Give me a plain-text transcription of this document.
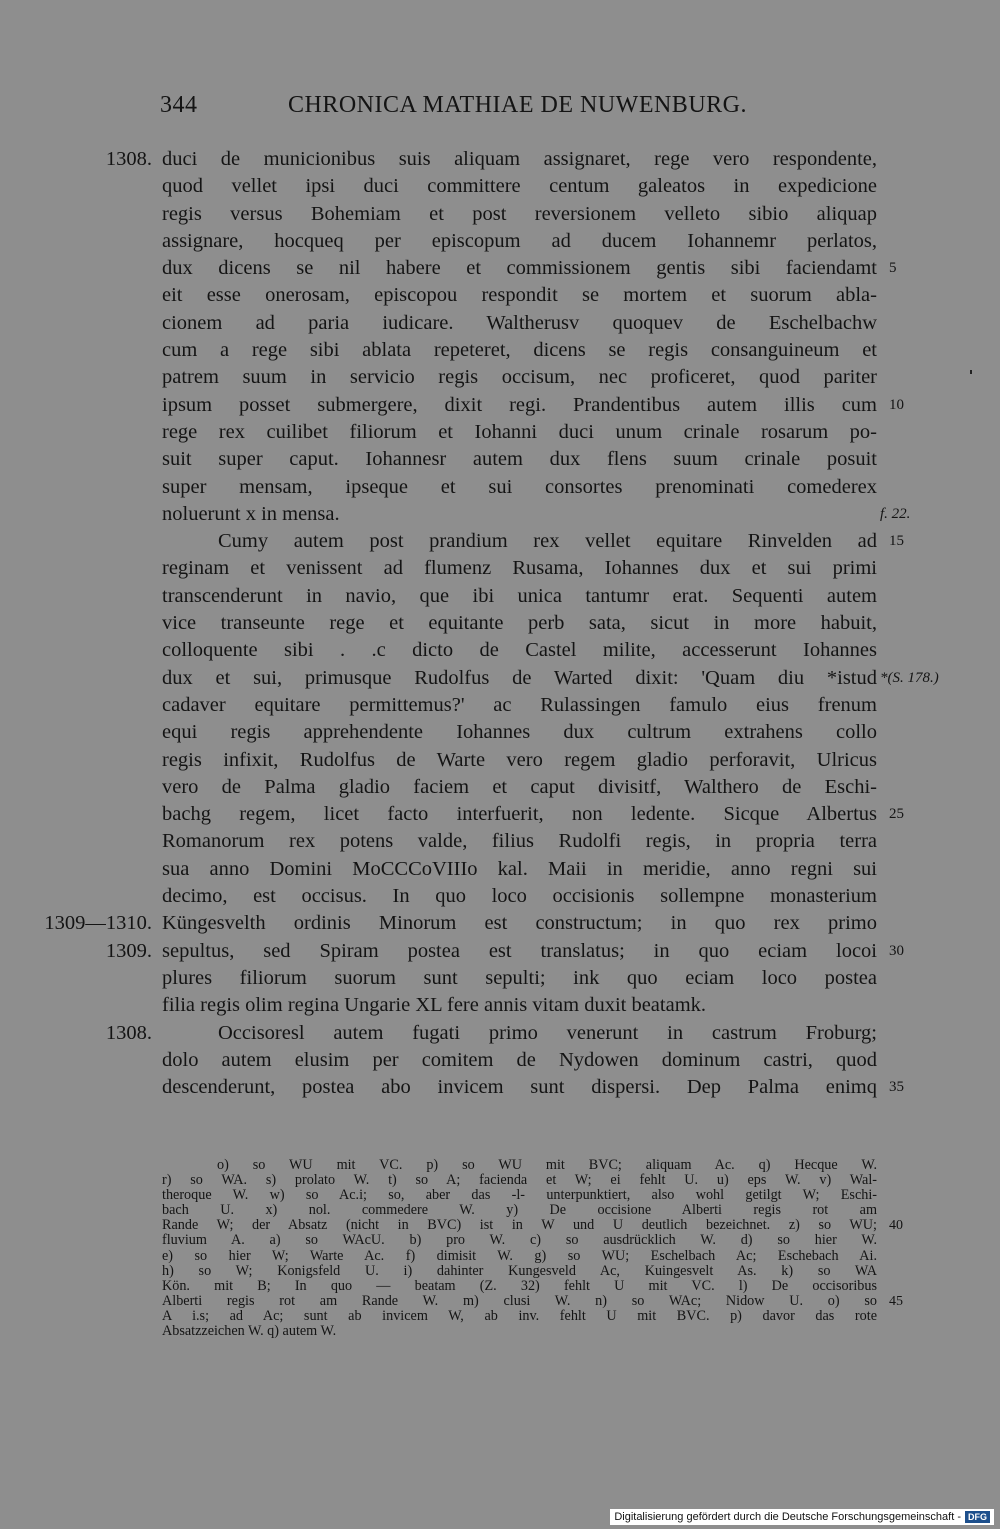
344	CHRONICA MATHIAE DE NUWENBURG.
duci de municionibus suis aliquam assignaret, rege vero respondente,
1308.
quod vellet ipsi duci committere centum galeatos in expedicione
regis versus Bohemiam et post reversionem velleto sibio aliquap
assignare, hocqueq per episcopum ad ducem Iohannemr perlatos,
dux dicens se nil habere et commissionem gentis sibi faciendamt 5
eit esse onerosam, episcopou respondit se mortem et suorum abla-
cionem ad paria iudicare. Waltherusv quoquev de Eschelbachw
cum a rege sibi ablata repeteret, dicens se regis consanguineum et
patrem suum in servicio regis occisum, nec proficeret, quod pariter
ipsum posset submergere, dixit regi. Prandentibus autem illis cum 10
rege rex cuilibet filiorum et Iohanni duci unum crinale rosarum po-
suit super caput. Iohannesr autem dux flens suum crinale posuit
super mensam, ipseque et sui consortes prenominati comederex
noluerunt x in mensa.	f. 22.
Cumy autem post prandium rex vellet equitare Rinvelden ad 15
reginam et venissent ad flumenz Rusama, Iohannes dux et sui primi
transcenderunt in navio, que ibi unica tantumr erat. Sequenti autem
vice transeunte rege et equitante perb sata, sicut in more habuit,
colloquente sibi . .c dicto de Castel milite, accesserunt Iohannes
dux et sui, primusque Rudolfus de Warted dixit: 'Quam diu *istud *(S. 178.)
cadaver equitare permittemus?' ac Rulassingen famulo eius frenum
equi regis apprehendente Iohannes dux cultrum extrahens collo
regis infixit, Rudolfus de Warte vero regem gladio perforavit, Ulricus
vero de Palma gladio faciem et caput divisitf, Walthero de Eschi-
bachg regem, licet facto interfuerit, non ledente. Sicque Albertus 25
Romanorum rex potens valde, filius Rudolfi regis, in propria terra
sua anno Domini MoCCCoVIIIo kal. Maii in meridie, anno regni sui
decimo, est occisus. In quo loco occisionis sollempne monasterium
Küngesvelth ordinis Minorum est constructum; in quo rex primo
1309—1310.
sepultus, sed Spiram postea est translatus; in quo eciam locoi
1309.	30
plures filiorum suorum sunt sepulti; ink quo eciam loco postea
filia regis olim regina Ungarie XL fere annis vitam duxit beatamk.
Occisoresl autem fugati primo venerunt in castrum Froburg;
1308.
dolo autem elusim per comitem de Nydowen dominum castri, quod
descenderunt, postea abo invicem sunt dispersi. Dep Palma enimq 35
o) so WU mit VC. p) so WU mit BVC; aliquam Ac. q) Hecque W.
r) so WA. s) prolato W. t) so A; facienda et W; ei fehlt U. u) eps W. v) Wal-
theroque W. w) so Ac.i; so, aber das -l- unterpunktiert, also wohl getilgt W; Eschi-
bach U. x) nol. commedere W. y) De occisione Alberti regis rot am
Rande W; der Absatz (nicht in BVC) ist in W und U deutlich bezeichnet. z) so WU; 40
fluvium A. a) so WAcU. b) pro W. c) so ausdrücklich W. d) so hier W.
e) so hier W; Warte Ac. f) dimisit W. g) so WU; Eschelbach Ac; Eschebach Ai.
h) so W; Konigsfeld U. i) dahinter Kungesveld Ac, Kuingesvelt As. k) so WA
Kön. mit B; In quo — beatam (Z. 32) fehlt U mit VC. l) De occisoribus
Alberti regis rot am Rande W. m) clusi W. n) so WAc; Nidow U. o) so 45
A i.s; ad Ac; sunt ab invicem W, ab inv. fehlt U mit BVC. p) davor das rote
Absatzzeichen W. q) autem W.
Digitalisierung gefördert durch die Deutsche Forschungsgemeinschaft - DFG
